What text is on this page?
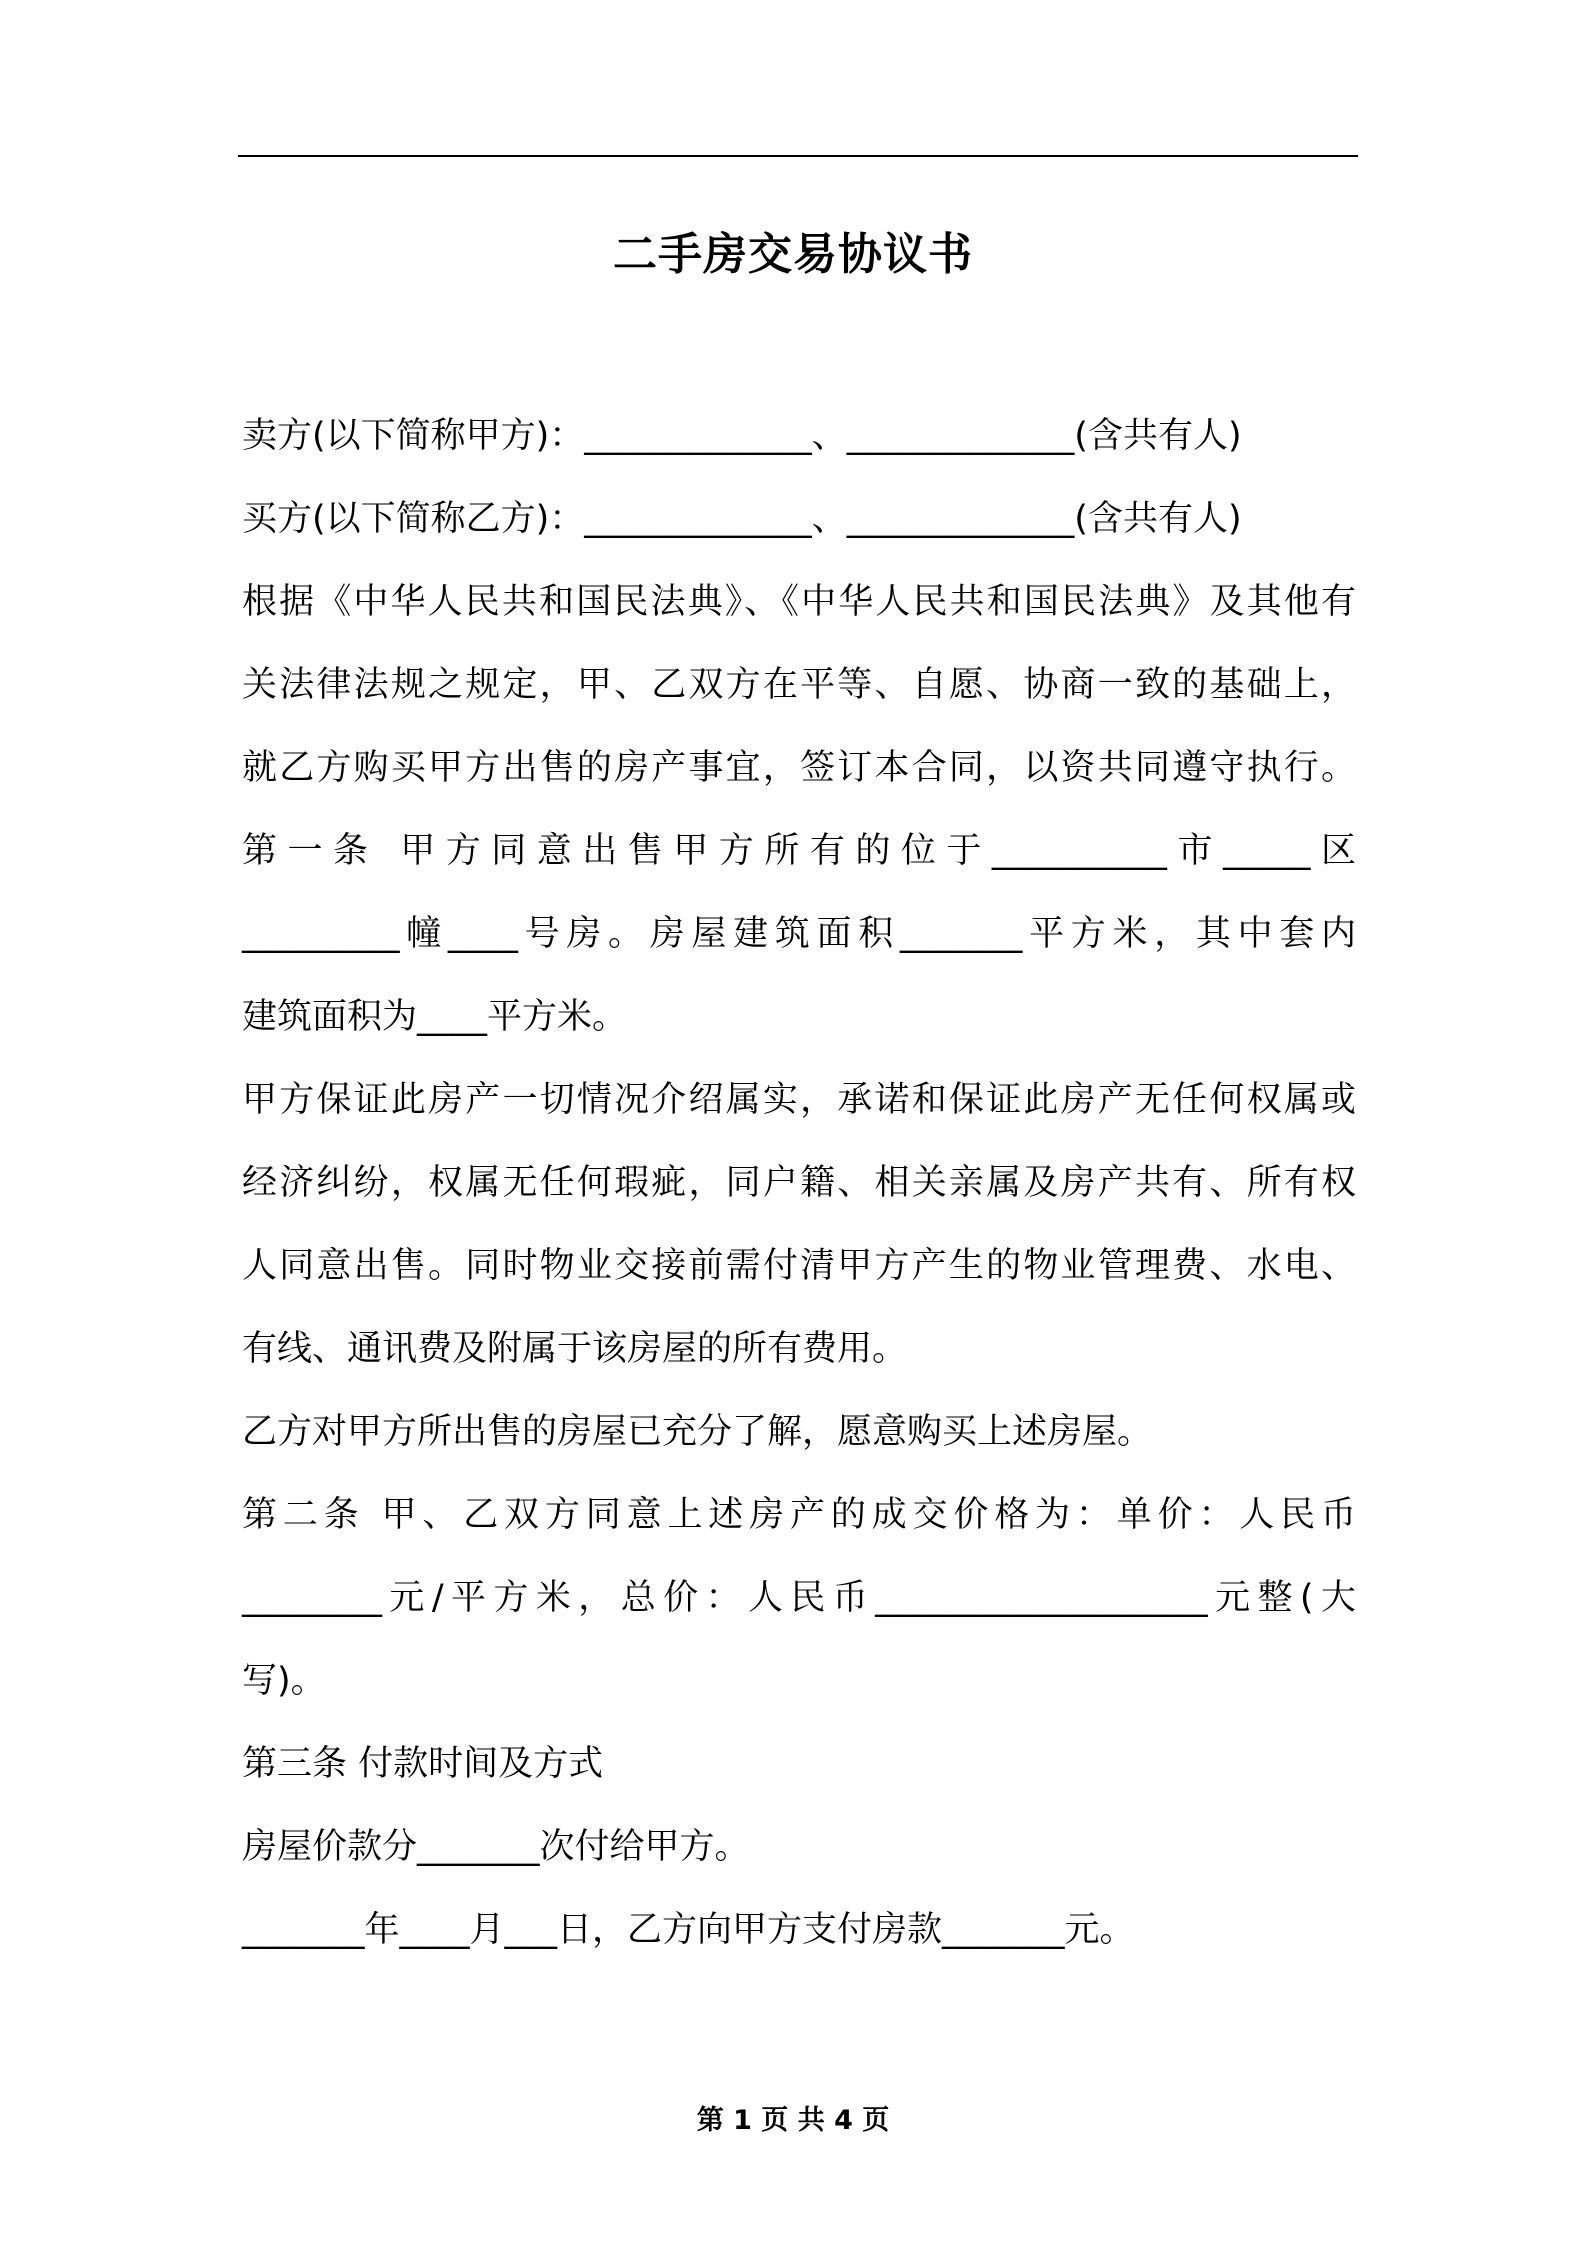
二手房交易协议书
卖方(以下简称甲方)：_____________、_____________(含共有人)
买方(以下简称乙方)：_____________、_____________(含共有人)
根据《中华人民共和国民法典》、《中华人民共和国民法典》及其他有
关法律法规之规定，甲、乙双方在平等、自愿、协商一致的基础上，
就乙方购买甲方出售的房产事宜，签订本合同，以资共同遵守执行。
第一条 甲方同意出售甲方所有的位于__________市_____区
_________幢____号房。房屋建筑面积_______平方米，其中套内
建筑面积为____平方米。
甲方保证此房产一切情况介绍属实，承诺和保证此房产无任何权属或
经济纠纷，权属无任何瑕疵，同户籍、相关亲属及房产共有、所有权
人同意出售。同时物业交接前需付清甲方产生的物业管理费、水电、
有线、通讯费及附属于该房屋的所有费用。
乙方对甲方所出售的房屋已充分了解，愿意购买上述房屋。
第二条 甲、乙双方同意上述房产的成交价格为：单价：人民币
________元/平方米，总价：人民币___________________元整(大
写)。
第三条 付款时间及方式
房屋价款分_______次付给甲方。
_______年____月___日，乙方向甲方支付房款_______元。
第 1 页 共 4 页
